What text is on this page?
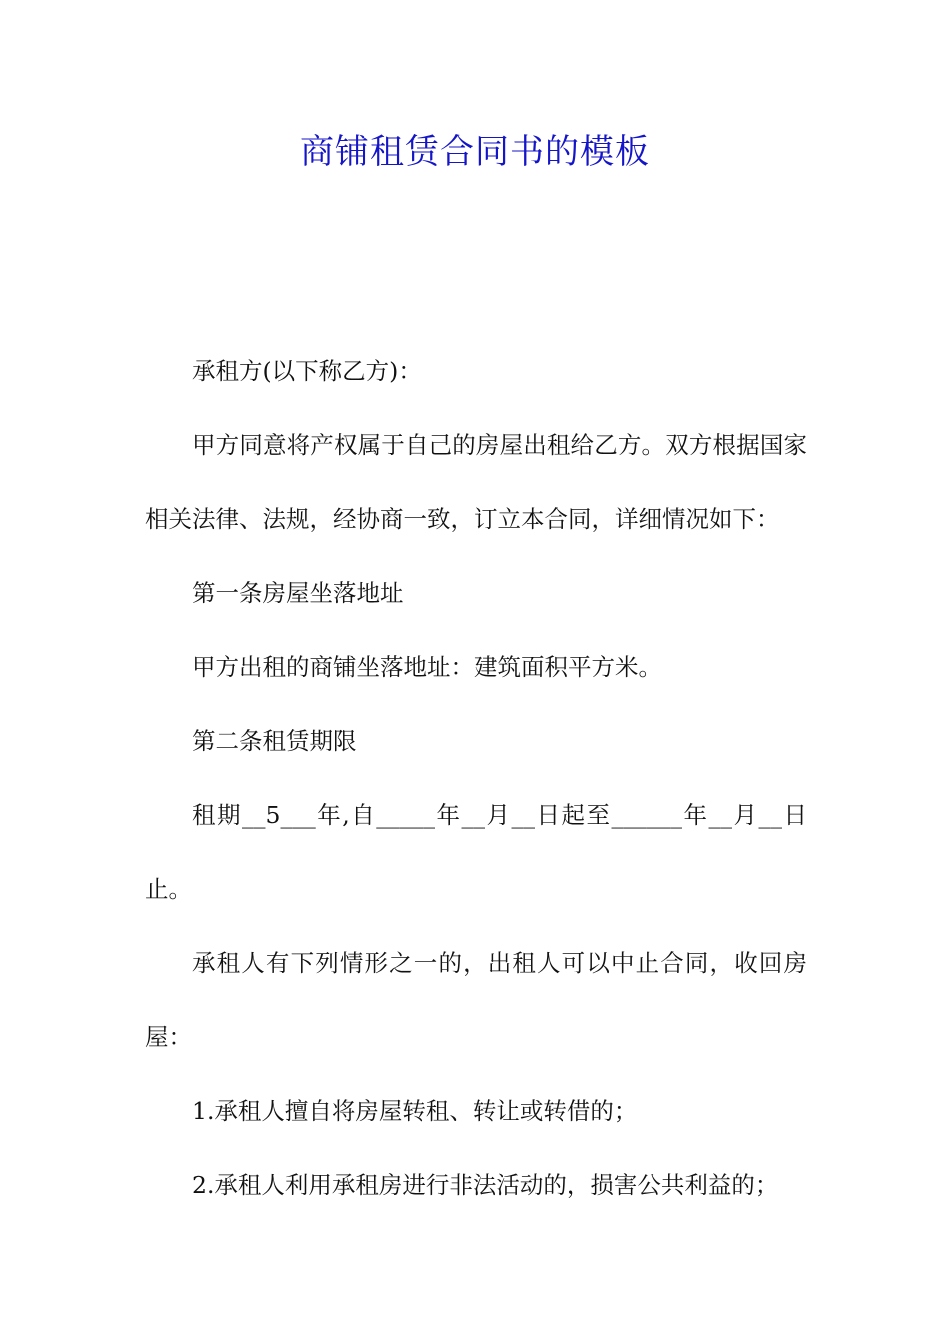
商铺租赁合同书的模板

承租方(以下称乙方)：

甲方同意将产权属于自己的房屋出租给乙方。双方根据国家相关法律、法规，经协商一致，订立本合同，详细情况如下：

第一条房屋坐落地址

甲方出租的商铺坐落地址：建筑面积平方米。

第二条租赁期限

租期__5___年,自_____年__月__日起至______年__月__日止。

承租人有下列情形之一的，出租人可以中止合同，收回房屋：

1.承租人擅自将房屋转租、转让或转借的；

2.承租人利用承租房进行非法活动的，损害公共利益的；
